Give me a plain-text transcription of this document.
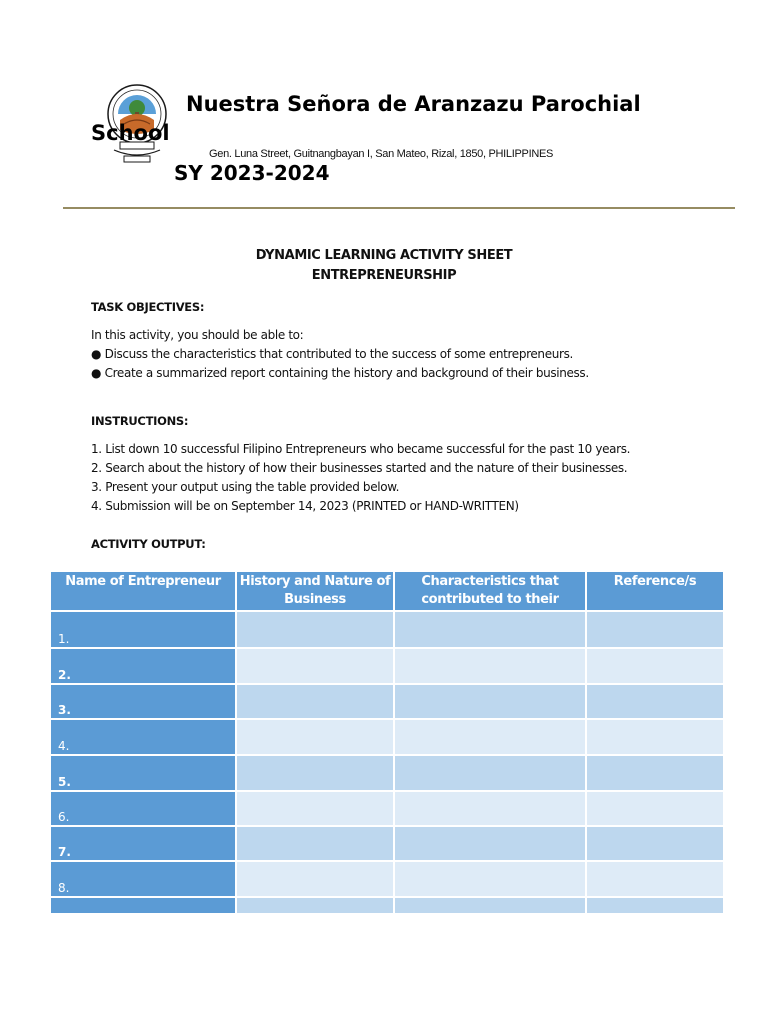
Nuestra Señora de Aranzazu Parochial
School
Gen. Luna Street, Guitnangbayan I, San Mateo, Rizal, 1850, PHILIPPINES
SY 2023-2024
DYNAMIC LEARNING ACTIVITY SHEET
ENTREPRENEURSHIP
TASK OBJECTIVES:
In this activity, you should be able to:
● Discuss the characteristics that contributed to the success of some entrepreneurs.
● Create a summarized report containing the history and background of their business.
INSTRUCTIONS:
1. List down 10 successful Filipino Entrepreneurs who became successful for the past 10 years.
2. Search about the history of how their businesses started and the nature of their businesses.
3. Present your output using the table provided below.
4. Submission will be on September 14, 2023 (PRINTED or HAND-WRITTEN)
ACTIVITY OUTPUT:
Name of Entrepreneur	History and Nature of Business
Characteristics that contributed to their
Reference/s
1.
2.
3.
4.
5.
6.
7.
8.
